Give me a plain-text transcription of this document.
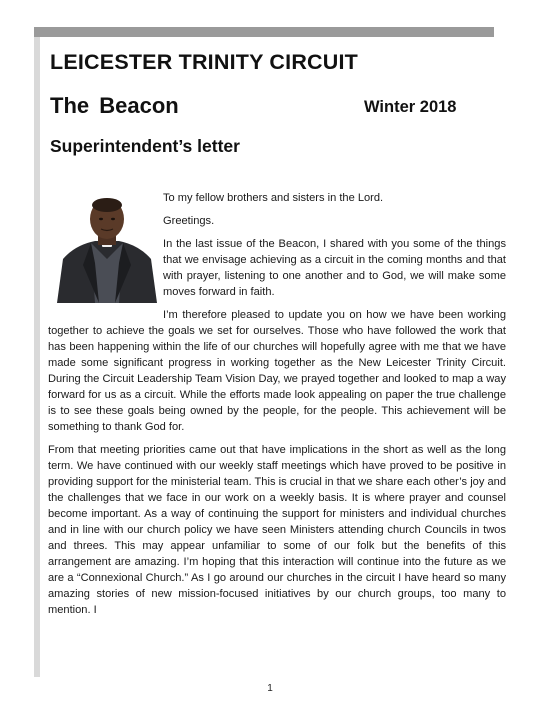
LEICESTER TRINITY CIRCUIT
The Beacon	Winter 2018
Superintendent’s letter

To my fellow brothers and sisters in the Lord.

Greetings.

In the last issue of the Beacon, I shared with you some of the things that we envisage achieving as a circuit in the coming months and that with prayer, listening to one another and to God, we will make some moves forward in faith.

I’m therefore pleased to update you on how we have been working together to achieve the goals we set for ourselves. Those who have followed the work that has been happening within the life of our churches will hopefully agree with me that we have made some significant progress in working together as the New Leicester Trinity Circuit. During the Circuit Leadership Team Vision Day, we prayed together and looked to map a way forward for us as a circuit. While the efforts made look appealing on paper the true challenge is to see these goals being owned by the people, for the people. This achievement will be something to thank God for.

From that meeting priorities came out that have implications in the short as well as the long term. We have continued with our weekly staff meetings which have proved to be positive in providing support for the ministerial team. This is crucial in that we share each other’s joy and the challenges that we face in our work on a weekly basis. It is where prayer and counsel become important. As a way of continuing the support for ministers and individual churches and in line with our church policy we have seen Ministers attending church Councils in twos and threes. This may appear unfamiliar to some of our folk but the benefits of this arrangement are amazing. I’m hoping that this interaction will continue into the future as we are a “Connexional Church.” As I go around our churches in the circuit I have heard so many amazing stories of new mission-focused initiatives by our church groups, too many to mention. I

1
